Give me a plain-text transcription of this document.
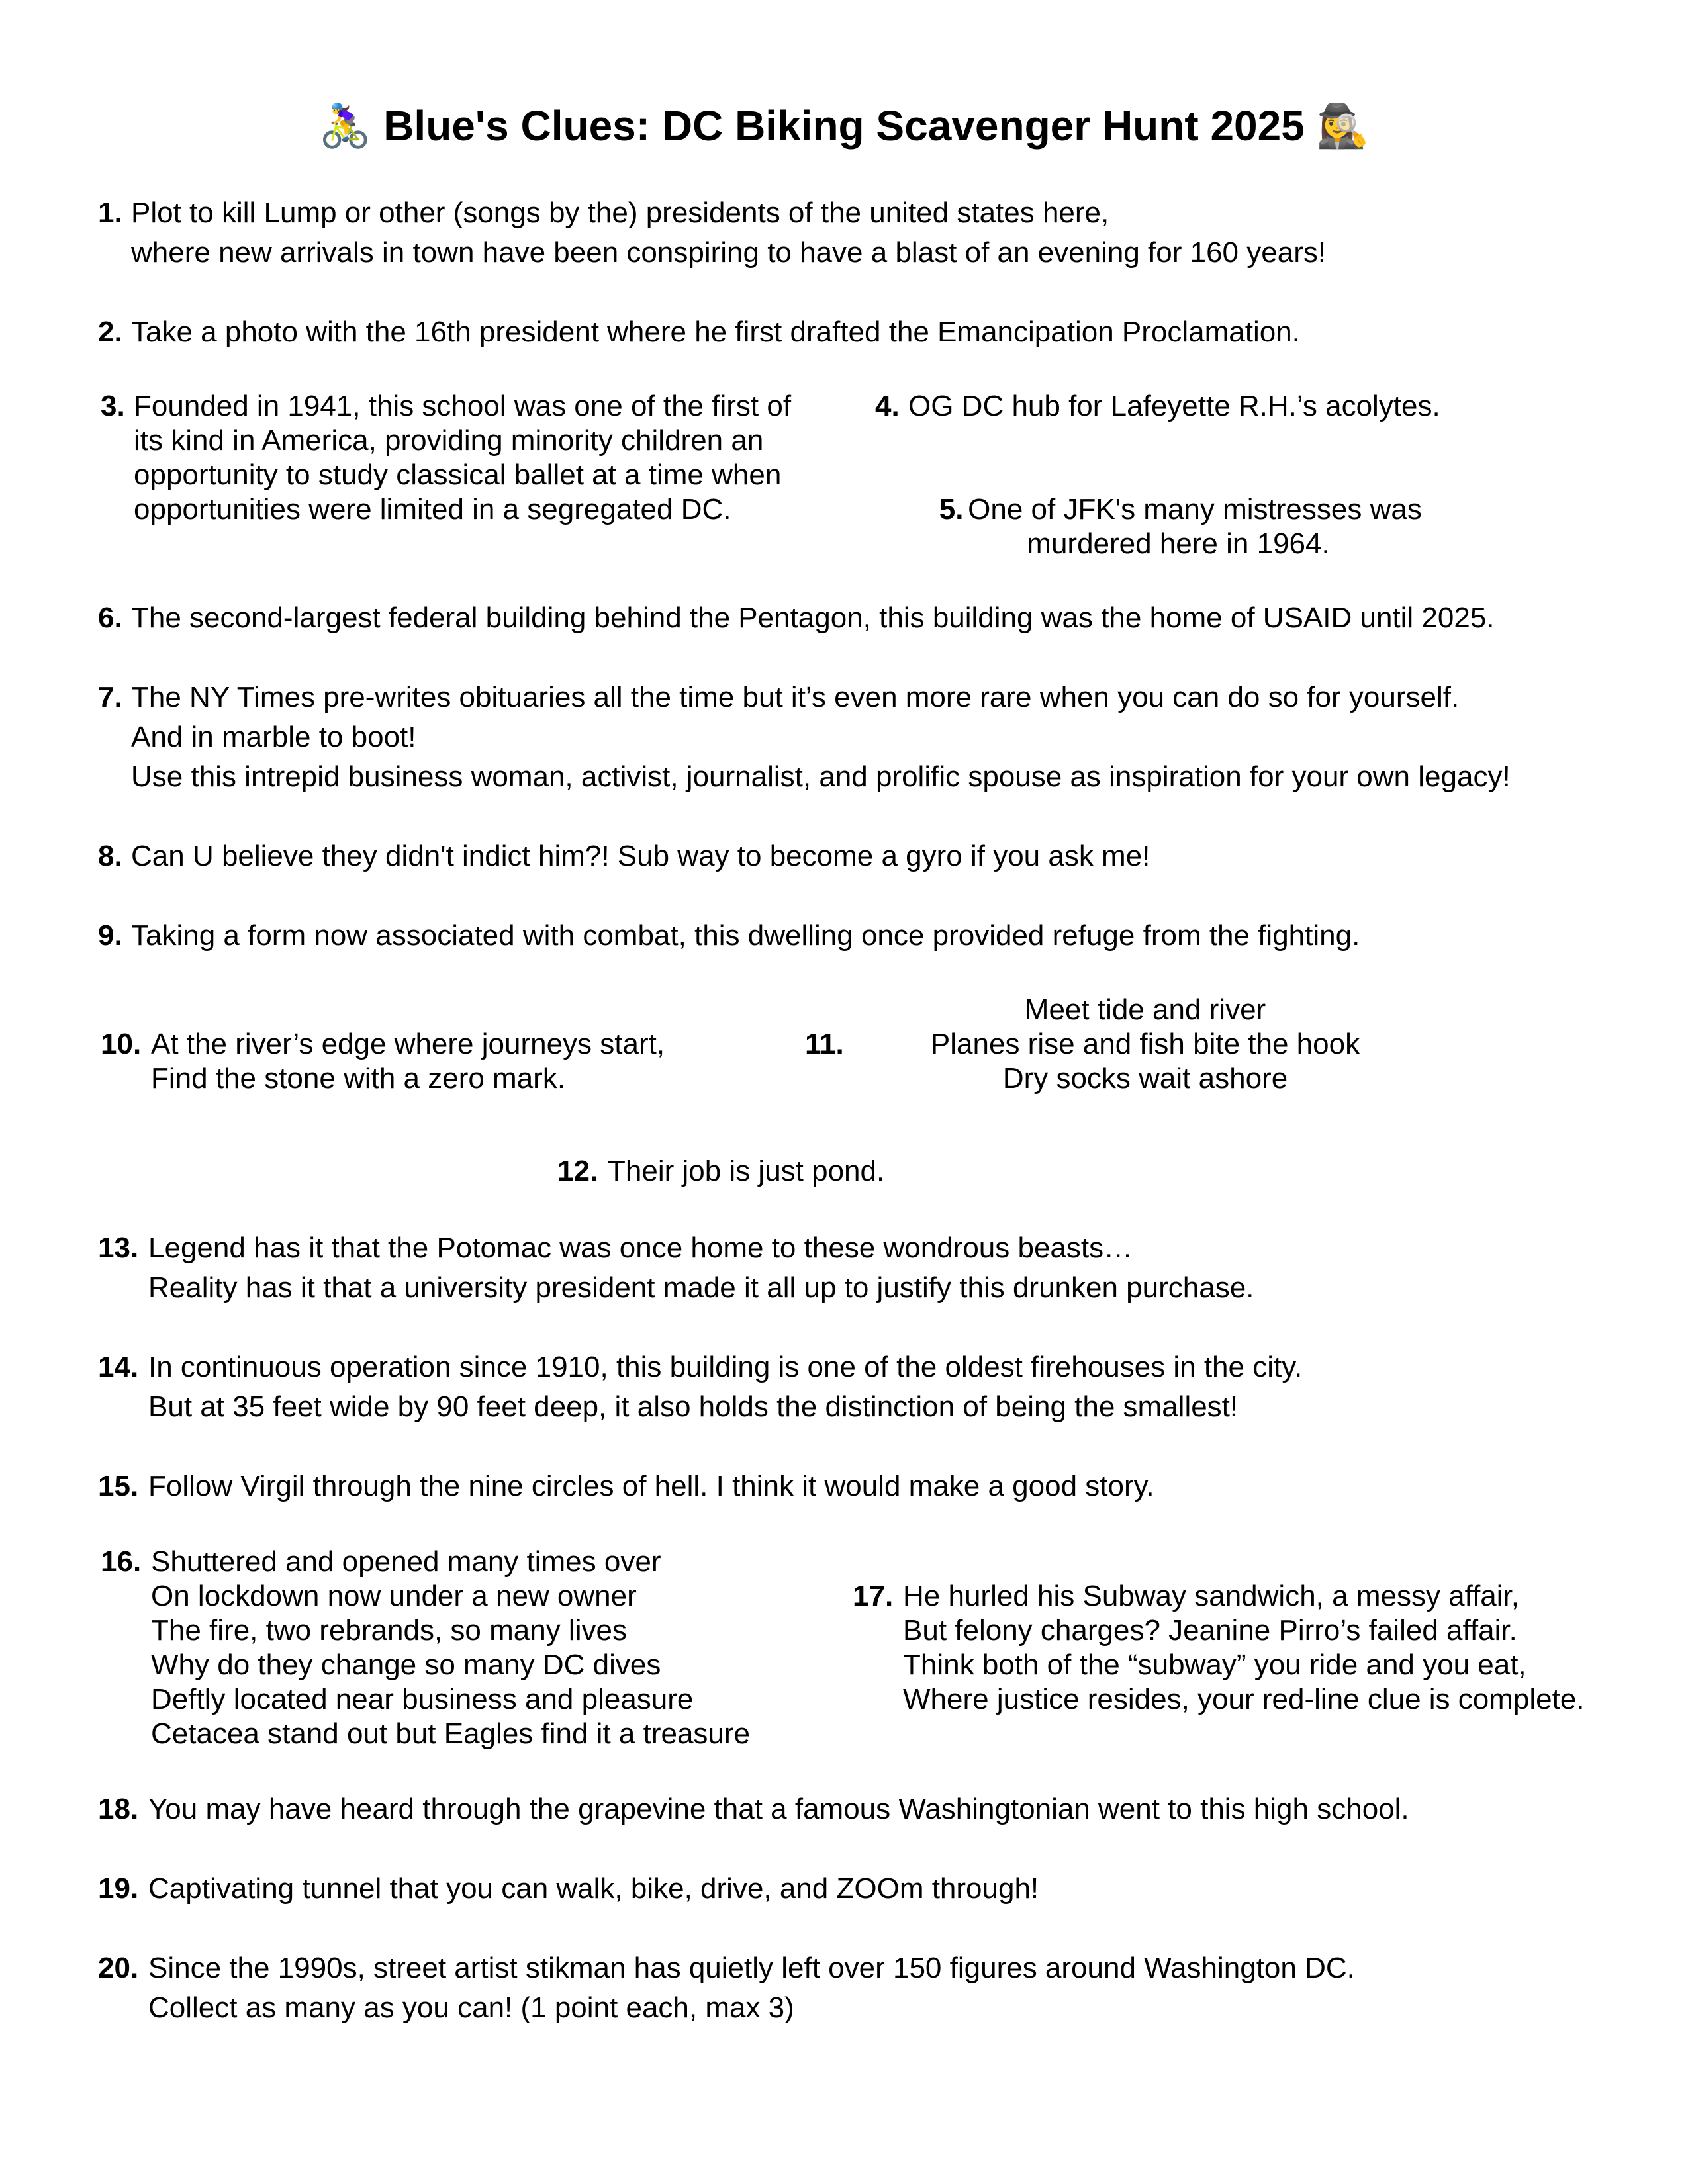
🚴‍♀️ Blue's Clues: DC Biking Scavenger Hunt 2025 🕵️‍♀️
1. Plot to kill Lump or other (songs by the) presidents of the united states here,
where new arrivals in town have been conspiring to have a blast of an evening for 160 years!
2. Take a photo with the 16th president where he first drafted the Emancipation Proclamation.
3. Founded in 1941, this school was one of the first of
its kind in America, providing minority children an
opportunity to study classical ballet at a time when
opportunities were limited in a segregated DC.
4. OG DC hub for Lafeyette R.H.’s acolytes.
5. One of JFK's many mistresses was
murdered here in 1964.
6. The second-largest federal building behind the Pentagon, this building was the home of USAID until 2025.
7. The NY Times pre-writes obituaries all the time but it’s even more rare when you can do so for yourself.
And in marble to boot!
Use this intrepid business woman, activist, journalist, and prolific spouse as inspiration for your own legacy!
8. Can U believe they didn't indict him?! Sub way to become a gyro if you ask me!
9. Taking a form now associated with combat, this dwelling once provided refuge from the fighting.
10. At the river’s edge where journeys start,
Find the stone with a zero mark.
11.
Meet tide and river
Planes rise and fish bite the hook
Dry socks wait ashore
12. Their job is just pond.
13. Legend has it that the Potomac was once home to these wondrous beasts…
Reality has it that a university president made it all up to justify this drunken purchase.
14. In continuous operation since 1910, this building is one of the oldest firehouses in the city.
But at 35 feet wide by 90 feet deep, it also holds the distinction of being the smallest!
15. Follow Virgil through the nine circles of hell. I think it would make a good story.
16. Shuttered and opened many times over
On lockdown now under a new owner
The fire, two rebrands, so many lives
Why do they change so many DC dives
Deftly located near business and pleasure
Cetacea stand out but Eagles find it a treasure
17. He hurled his Subway sandwich, a messy affair,
But felony charges? Jeanine Pirro’s failed affair.
Think both of the “subway” you ride and you eat,
Where justice resides, your red-line clue is complete.
18. You may have heard through the grapevine that a famous Washingtonian went to this high school.
19. Captivating tunnel that you can walk, bike, drive, and ZOOm through!
20. Since the 1990s, street artist stikman has quietly left over 150 figures around Washington DC.
Collect as many as you can! (1 point each, max 3)
